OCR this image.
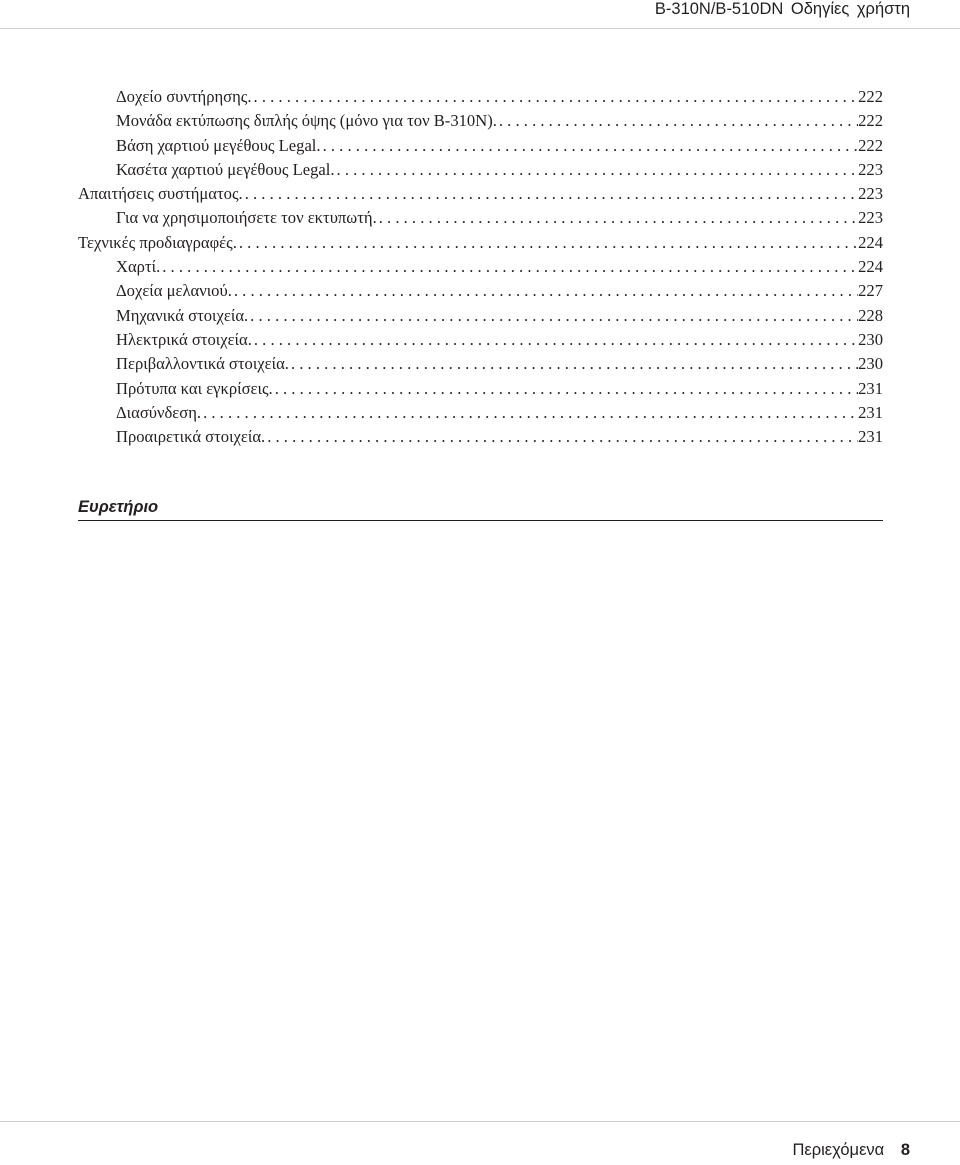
B-310N/B-510DN Οδηγίες χρήστη
Δοχείο συντήρησης. . . .	222
Μονάδα εκτύπωσης διπλής όψης (μόνο για τον B-310N). . . .	222
Βάση χαρτιού μεγέθους Legal. . . .	222
Κασέτα χαρτιού μεγέθους Legal. . . .	223
Απαιτήσεις συστήματος. . . .	223
Για να χρησιμοποιήσετε τον εκτυπωτή. . . .	223
Τεχνικές προδιαγραφές. . . .	224
Χαρτί. . . .	224
Δοχεία μελανιού. . . .	227
Μηχανικά στοιχεία. . . .	228
Ηλεκτρικά στοιχεία. . . .	230
Περιβαλλοντικά στοιχεία. . . .	230
Πρότυπα και εγκρίσεις. . . .	231
Διασύνδεση. . . .	231
Προαιρετικά στοιχεία. . . .	231
Ευρετήριο
Περιεχόμενα 8
